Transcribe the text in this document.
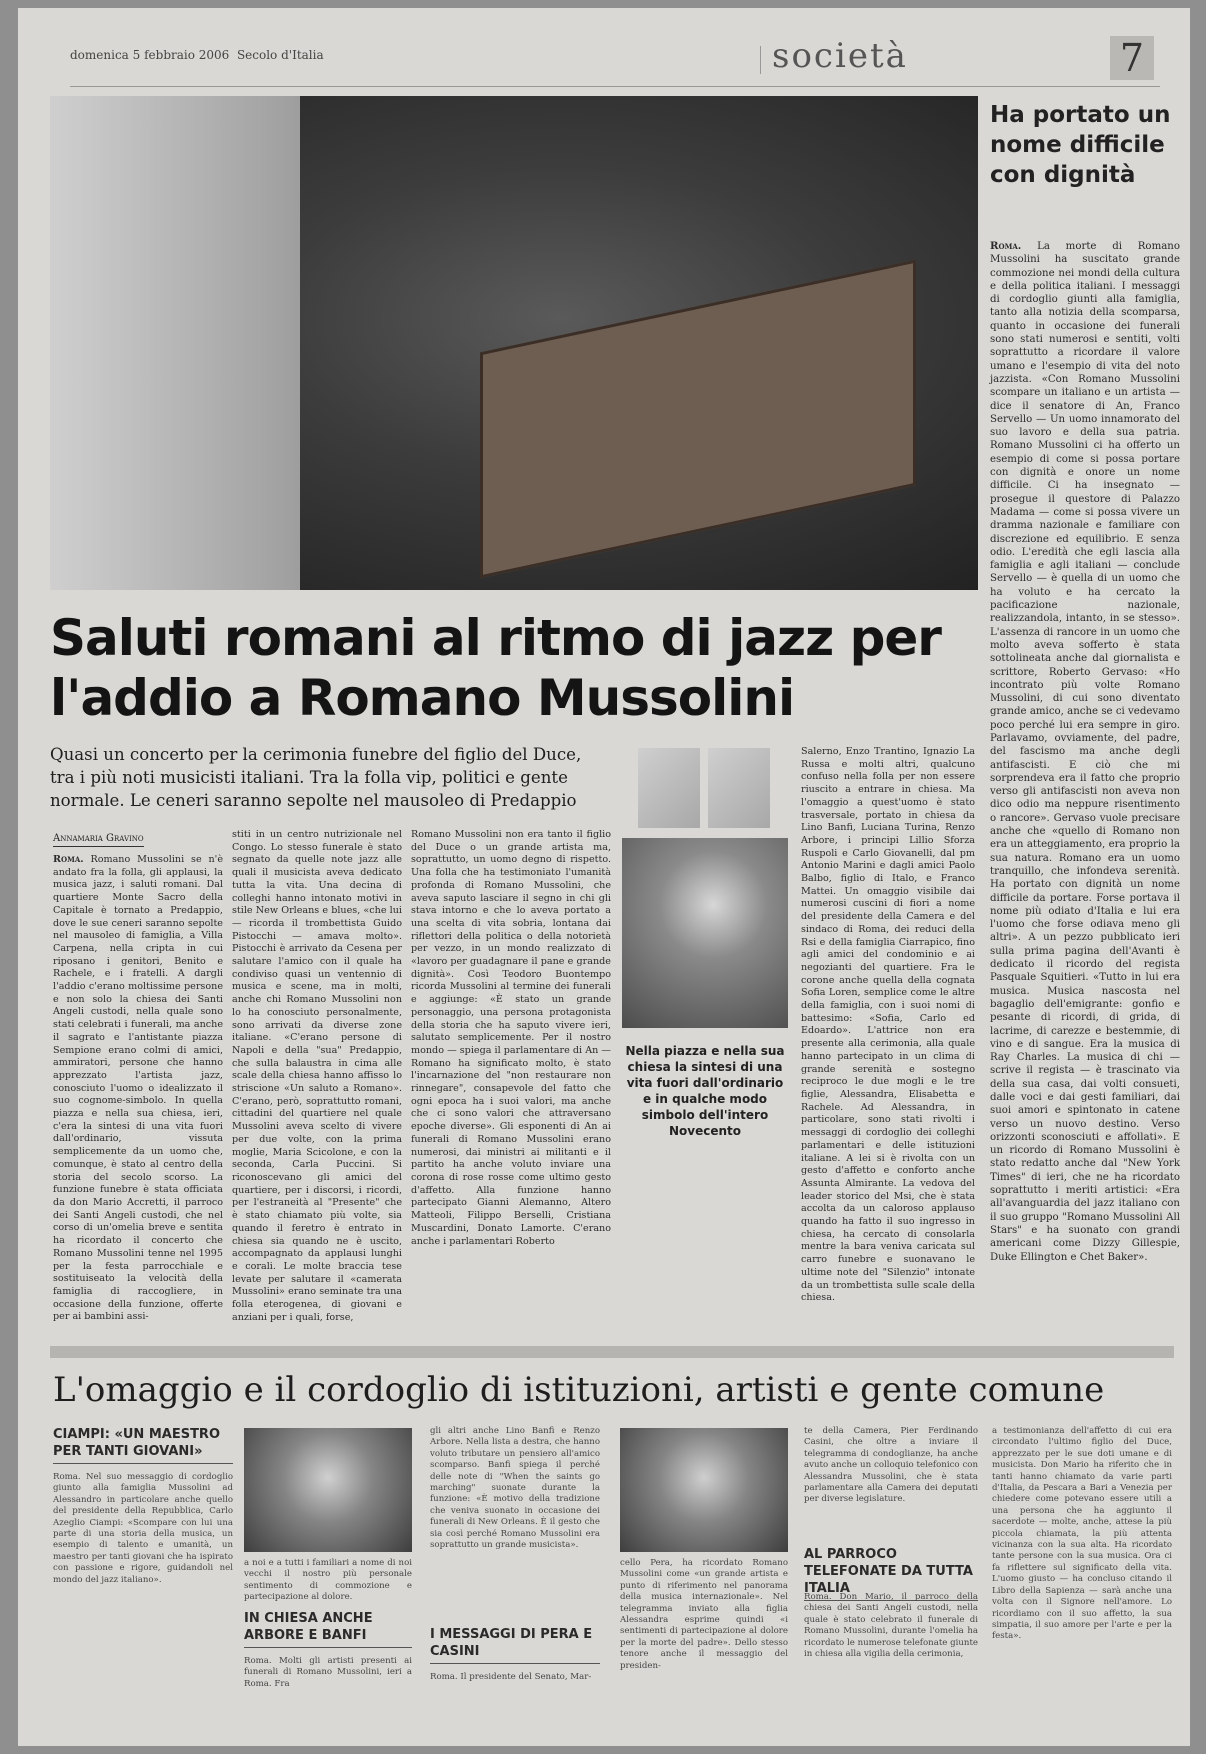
domenica 5 febbraio 2006 Secolo d'Italia	società	7
Ha portato un nome difficile con dignità
Roma. La morte di Romano Mussolini ha suscitato grande commozione nei mondi della cultura e della politica italiani. I messaggi di cordoglio giunti alla famiglia, tanto alla notizia della scomparsa, quanto in occasione dei funerali sono stati numerosi e sentiti, volti soprattutto a ricordare il valore umano e l'esempio di vita del noto jazzista. «Con Romano Mussolini scompare un italiano e un artista — dice il senatore di An, Franco Servello — Un uomo innamorato del suo lavoro e della sua patria. Romano Mussolini ci ha offerto un esempio di come si possa portare con dignità e onore un nome difficile. Ci ha insegnato — prosegue il questore di Palazzo Madama — come si possa vivere un dramma nazionale e familiare con discrezione ed equilibrio. E senza odio. L'eredità che egli lascia alla famiglia e agli italiani — conclude Servello — è quella di un uomo che ha voluto e ha cercato la pacificazione nazionale, realizzandola, intanto, in se stesso». L'assenza di rancore in un uomo che molto aveva sofferto è stata sottolineata anche dal giornalista e scrittore, Roberto Gervaso: «Ho incontrato più volte Romano Mussolini, di cui sono diventato grande amico, anche se ci vedevamo poco perché lui era sempre in giro. Parlavamo, ovviamente, del padre, del fascismo ma anche degli antifascisti. E ciò che mi sorprendeva era il fatto che proprio verso gli antifascisti non aveva non dico odio ma neppure risentimento o rancore». Gervaso vuole precisare anche che «quello di Romano non era un atteggiamento, era proprio la sua natura. Romano era un uomo tranquillo, che infondeva serenità. Ha portato con dignità un nome difficile da portare. Forse portava il nome più odiato d'Italia e lui era l'uomo che forse odiava meno gli altri». A un pezzo pubblicato ieri sulla prima pagina dell'Avanti è dedicato il ricordo del regista Pasquale Squitieri. «Tutto in lui era musica. Musica nascosta nel bagaglio dell'emigrante: gonfio e pesante di ricordi, di grida, di lacrime, di carezze e bestemmie, di vino e di sangue. Era la musica di Ray Charles. La musica di chi — scrive il regista — è trascinato via della sua casa, dai volti consueti, dalle voci e dai gesti familiari, dai suoi amori e spintonato in catene verso un nuovo destino. Verso orizzonti sconosciuti e affollati». E un ricordo di Romano Mussolini è stato redatto anche dal "New York Times" di ieri, che ne ha ricordato soprattutto i meriti artistici: «Era all'avanguardia del jazz italiano con il suo gruppo "Romano Mussolini All Stars" e ha suonato con grandi americani come Dizzy Gillespie, Duke Ellington e Chet Baker».
Saluti romani al ritmo di jazz per l'addio a Romano Mussolini
Quasi un concerto per la cerimonia funebre del figlio del Duce, tra i più noti musicisti italiani. Tra la folla vip, politici e gente normale. Le ceneri saranno sepolte nel mausoleo di Predappio
Annamaria Gravino
Roma. Romano Mussolini se n'è andato fra la folla, gli applausi, la musica jazz, i saluti romani. Dal quartiere Monte Sacro della Capitale è tornato a Predappio, dove le sue ceneri saranno sepolte nel mausoleo di famiglia, a Villa Carpena, nella cripta in cui riposano i genitori, Benito e Rachele, e i fratelli. A dargli l'addio c'erano moltissime persone e non solo la chiesa dei Santi Angeli custodi, nella quale sono stati celebrati i funerali, ma anche il sagrato e l'antistante piazza Sempione erano colmi di amici, ammiratori, persone che hanno apprezzato l'artista jazz, conosciuto l'uomo o idealizzato il suo cognome-simbolo. In quella piazza e nella sua chiesa, ieri, c'era la sintesi di una vita fuori dall'ordinario, vissuta semplicemente da un uomo che, comunque, è stato al centro della storia del secolo scorso. La funzione funebre è stata officiata da don Mario Accretti, il parroco dei Santi Angeli custodi, che nel corso di un'omelia breve e sentita ha ricordato il concerto che Romano Mussolini tenne nel 1995 per la festa parrocchiale e sostituiseato la velocità della famiglia di raccogliere, in occasione della funzione, offerte per ai bambini assi-
stiti in un centro nutrizionale nel Congo. Lo stesso funerale è stato segnato da quelle note jazz alle quali il musicista aveva dedicato tutta la vita. Una decina di colleghi hanno intonato motivi in stile New Orleans e blues, «che lui — ricorda il trombettista Guido Pistocchi — amava molto». Pistocchi è arrivato da Cesena per salutare l'amico con il quale ha condiviso quasi un ventennio di musica e scene, ma in molti, anche chi Romano Mussolini non lo ha conosciuto personalmente, sono arrivati da diverse zone italiane. «C'erano persone di Napoli e della "sua" Predappio, che sulla balaustra in cima alle scale della chiesa hanno affisso lo striscione «Un saluto a Romano». C'erano, però, soprattutto romani, cittadini del quartiere nel quale Mussolini aveva scelto di vivere per due volte, con la prima moglie, Maria Scicolone, e con la seconda, Carla Puccini. Si riconoscevano gli amici del quartiere, per i discorsi, i ricordi, per l'estraneità al "Presente" che è stato chiamato più volte, sia quando il feretro è entrato in chiesa sia quando ne è uscito, accompagnato da applausi lunghi e corali. Le molte braccia tese levate per salutare il «camerata Mussolini» erano seminate tra una folla eterogenea, di giovani e anziani per i quali, forse,
Romano Mussolini non era tanto il figlio del Duce o un grande artista ma, soprattutto, un uomo degno di rispetto. Una folla che ha testimoniato l'umanità profonda di Romano Mussolini, che aveva saputo lasciare il segno in chi gli stava intorno e che lo aveva portato a una scelta di vita sobria, lontana dai riflettori della politica o della notorietà per vezzo, in un mondo realizzato di «lavoro per guadagnare il pane e grande dignità». Così Teodoro Buontempo ricorda Mussolini al termine dei funerali e aggiunge: «È stato un grande personaggio, una persona protagonista della storia che ha saputo vivere ieri, salutato semplicemente. Per il nostro mondo — spiega il parlamentare di An — Romano ha significato molto, è stato l'incarnazione del "non restaurare non rinnegare", consapevole del fatto che ogni epoca ha i suoi valori, ma anche che ci sono valori che attraversano epoche diverse». Gli esponenti di An ai funerali di Romano Mussolini erano numerosi, dai ministri ai militanti e il partito ha anche voluto inviare una corona di rose rosse come ultimo gesto d'affetto. Alla funzione hanno partecipato Gianni Alemanno, Altero Matteoli, Filippo Berselli, Cristiana Muscardini, Donato Lamorte. C'erano anche i parlamentari Roberto
Nella piazza e nella sua chiesa la sintesi di una vita fuori dall'ordinario e in qualche modo simbolo dell'intero Novecento
Salerno, Enzo Trantino, Ignazio La Russa e molti altri, qualcuno confuso nella folla per non essere riuscito a entrare in chiesa. Ma l'omaggio a quest'uomo è stato trasversale, portato in chiesa da Lino Banfi, Luciana Turina, Renzo Arbore, i principi Lillio Sforza Ruspoli e Carlo Giovanelli, dal pm Antonio Marini e dagli amici Paolo Balbo, figlio di Italo, e Franco Mattei. Un omaggio visibile dai numerosi cuscini di fiori a nome del presidente della Camera e del sindaco di Roma, dei reduci della Rsi e della famiglia Ciarrapico, fino agli amici del condominio e ai negozianti del quartiere. Fra le corone anche quella della cognata Sofia Loren, semplice come le altre della famiglia, con i suoi nomi di battesimo: «Sofia, Carlo ed Edoardo». L'attrice non era presente alla cerimonia, alla quale hanno partecipato in un clima di grande serenità e sostegno reciproco le due mogli e le tre figlie, Alessandra, Elisabetta e Rachele. Ad Alessandra, in particolare, sono stati rivolti i messaggi di cordoglio dei colleghi parlamentari e delle istituzioni italiane. A lei si è rivolta con un gesto d'affetto e conforto anche Assunta Almirante. La vedova del leader storico del Msi, che è stata accolta da un caloroso applauso quando ha fatto il suo ingresso in chiesa, ha cercato di consolarla mentre la bara veniva caricata sul carro funebre e suonavano le ultime note del "Silenzio" intonate da un trombettista sulle scale della chiesa.
L'omaggio e il cordoglio di istituzioni, artisti e gente comune
CIAMPI: «UN MAESTRO PER TANTI GIOVANI»
Roma. Nel suo messaggio di cordoglio giunto alla famiglia Mussolini ad Alessandro in particolare anche quello del presidente della Repubblica, Carlo Azeglio Ciampi: «Scompare con lui una parte di una storia della musica, un esempio di talento e umanità, un maestro per tanti giovani che ha ispirato con passione e rigore, guidandoli nel mondo del jazz italiano».
a noi e a tutti i familiari a nome di noi vecchi il nostro più personale sentimento di commozione e partecipazione al dolore.
IN CHIESA ANCHE ARBORE E BANFI
Roma. Molti gli artisti presenti ai funerali di Romano Mussolini, ieri a Roma. Fra
gli altri anche Lino Banfi e Renzo Arbore. Nella lista a destra, che hanno voluto tributare un pensiero all'amico scomparso. Banfi spiega il perché delle note di "When the saints go marching" suonate durante la funzione: «È motivo della tradizione che veniva suonato in occasione dei funerali di New Orleans. È il gesto che sia così perché Romano Mussolini era soprattutto un grande musicista».
I MESSAGGI DI PERA E CASINI
Roma. Il presidente del Senato, Mar-
cello Pera, ha ricordato Romano Mussolini come «un grande artista e punto di riferimento nel panorama della musica internazionale». Nel telegramma inviato alla figlia Alessandra esprime quindi «i sentimenti di partecipazione al dolore per la morte del padre». Dello stesso tenore anche il messaggio del presiden-
te della Camera, Pier Ferdinando Casini, che oltre a inviare il telegramma di condoglianze, ha anche avuto anche un colloquio telefonico con Alessandra Mussolini, che è stata parlamentare alla Camera dei deputati per diverse legislature.
AL PARROCO TELEFONATE DA TUTTA ITALIA
Roma. Don Mario, il parroco della chiesa dei Santi Angeli custodi, nella quale è stato celebrato il funerale di Romano Mussolini, durante l'omelia ha ricordato le numerose telefonate giunte in chiesa alla vigilia della cerimonia,
a testimonianza dell'affetto di cui era circondato l'ultimo figlio del Duce, apprezzato per le sue doti umane e di musicista. Don Mario ha riferito che in tanti hanno chiamato da varie parti d'Italia, da Pescara a Bari a Venezia per chiedere come potevano essere utili a una persona che ha aggiunto il sacerdote — molte, anche, attese la più piccola chiamata, la più attenta vicinanza con la sua alta. Ha ricordato tante persone con la sua musica. Ora ci fa riflettere sul significato della vita. L'uomo giusto — ha concluso citando il Libro della Sapienza — sarà anche una volta con il Signore nell'amore. Lo ricordiamo con il suo affetto, la sua simpatia, il suo amore per l'arte e per la festa».
